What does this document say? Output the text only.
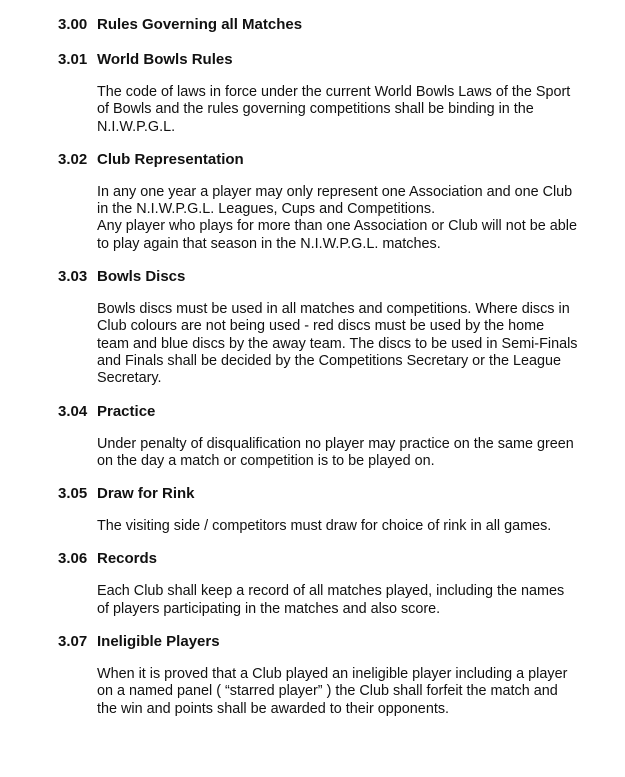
3.00 Rules Governing all Matches
3.01 World Bowls Rules

The code of laws in force under the current World Bowls Laws of the Sport of Bowls and the rules governing competitions shall be binding in the N.I.W.P.G.L.

3.02 Club Representation

In any one year a player may only represent one Association and one Club in the N.I.W.P.G.L. Leagues, Cups and Competitions.

Any player who plays for more than one Association or Club will not be able to play again that season in the N.I.W.P.G.L. matches.

3.03 Bowls Discs

Bowls discs must be used in all matches and competitions. Where discs in Club colours are not being used - red discs must be used by the home team and blue discs by the away team. The discs to be used in Semi-Finals and Finals shall be decided by the Competitions Secretary or the League Secretary.

3.04 Practice

Under penalty of disqualification no player may practice on the same green on the day a match or competition is to be played on.

3.05 Draw for Rink

The visiting side / competitors must draw for choice of rink in all games.

3.06 Records

Each Club shall keep a record of all matches played, including the names of players participating in the matches and also score.

3.07 Ineligible Players

When it is proved that a Club played an ineligible player including a player on a named panel ( “starred player” ) the Club shall forfeit the match and the win and points shall be awarded to their opponents.
